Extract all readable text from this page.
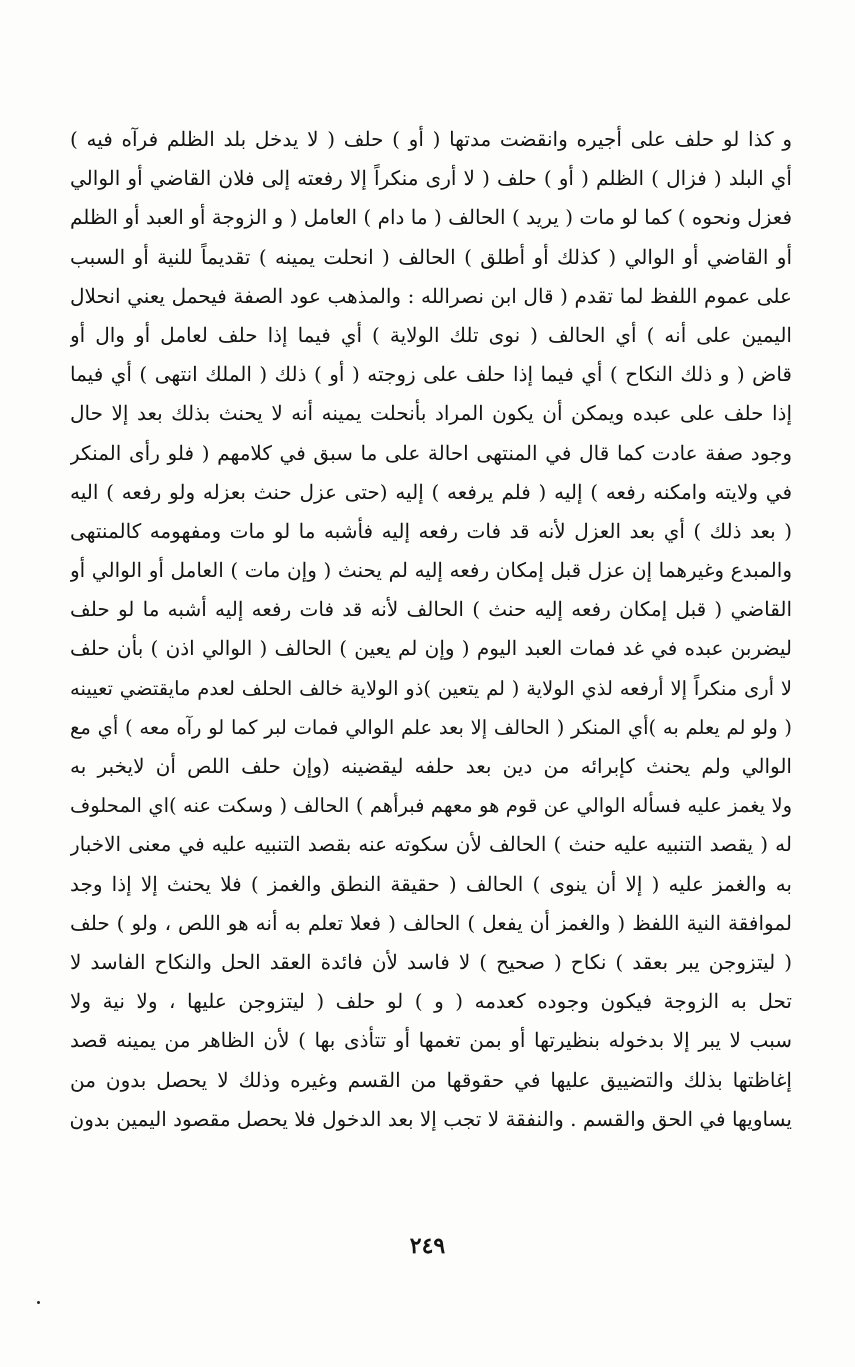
و كذا لو حلف على أجيره وانقضت مدتها ( أو ) حلف ( لا يدخل بلد الظلم فرآه فيه )
أي البلد ( فزال ) الظلم ( أو ) حلف ( لا أرى منكراً إلا رفعته إلى فلان القاضي أو الوالي
فعزل ونحوه ) كما لو مات ( يريد ) الحالف ( ما دام ) العامل ( و الزوجة أو العبد أو الظلم
أو القاضي أو الوالي ( كذلك أو أطلق ) الحالف ( انحلت يمينه ) تقديماً للنية أو السبب
على عموم اللفظ لما تقدم ( قال ابن نصرالله : والمذهب عود الصفة فيحمل يعني انحلال
اليمين على أنه ) أي الحالف ( نوى تلك الولاية ) أي فيما إذا حلف لعامل أو وال أو
قاض ( و ذلك النكاح ) أي فيما إذا حلف على زوجته ( أو ) ذلك ( الملك انتهى ) أي فيما
إذا حلف على عبده ويمكن أن يكون المراد بأنحلت يمينه أنه لا يحنث بذلك بعد إلا حال
وجود صفة عادت كما قال في المنتهى احالة على ما سبق في كلامهم ( فلو رأى المنكر
في ولايته وامكنه رفعه ) إليه ( فلم يرفعه ) إليه (حتى عزل حنث بعزله ولو رفعه ) اليه
( بعد ذلك ) أي بعد العزل لأنه قد فات رفعه إليه فأشبه ما لو مات ومفهومه كالمنتهى
والمبدع وغيرهما إن عزل قبل إمكان رفعه إليه لم يحنث ( وإن مات ) العامل أو الوالي أو
القاضي ( قبل إمكان رفعه إليه حنث ) الحالف لأنه قد فات رفعه إليه أشبه ما لو حلف
ليضربن عبده في غد فمات العبد اليوم ( وإن لم يعين ) الحالف ( الوالي اذن ) بأن حلف
لا أرى منكراً إلا أرفعه لذي الولاية ( لم يتعين )ذو الولاية خالف الحلف لعدم مايقتضي تعيينه
( ولو لم يعلم به )أي المنكر ( الحالف إلا بعد علم الوالي فمات لبر كما لو رآه معه ) أي مع
الوالي ولم يحنث كإبرائه من دين بعد حلفه ليقضينه (وإن حلف اللص أن لايخبر به
ولا يغمز عليه فسأله الوالي عن قوم هو معهم فبرأهم ) الحالف ( وسكت عنه )اي المحلوف
له ( يقصد التنبيه عليه حنث ) الحالف لأن سكوته عنه بقصد التنبيه عليه في معنى الاخبار
به والغمز عليه ( إلا أن ينوى ) الحالف ( حقيقة النطق والغمز ) فلا يحنث إلا إذا وجد
لموافقة النية اللفظ ( والغمز أن يفعل ) الحالف ( فعلا تعلم به أنه هو اللص ، ولو ) حلف
( ليتزوجن يبر بعقد ) نكاح ( صحيح ) لا فاسد لأن فائدة العقد الحل والنكاح الفاسد لا
تحل به الزوجة فيكون وجوده كعدمه ( و ) لو حلف ( ليتزوجن عليها ، ولا نية ولا
سبب لا يبر إلا بدخوله بنظيرتها أو بمن تغمها أو تتأذى بها ) لأن الظاهر من يمينه قصد
إغاظتها بذلك والتضييق عليها في حقوقها من القسم وغيره وذلك لا يحصل بدون من
يساويها في الحق والقسم . والنفقة لا تجب إلا بعد الدخول فلا يحصل مقصود اليمين بدون
٢٤٩
